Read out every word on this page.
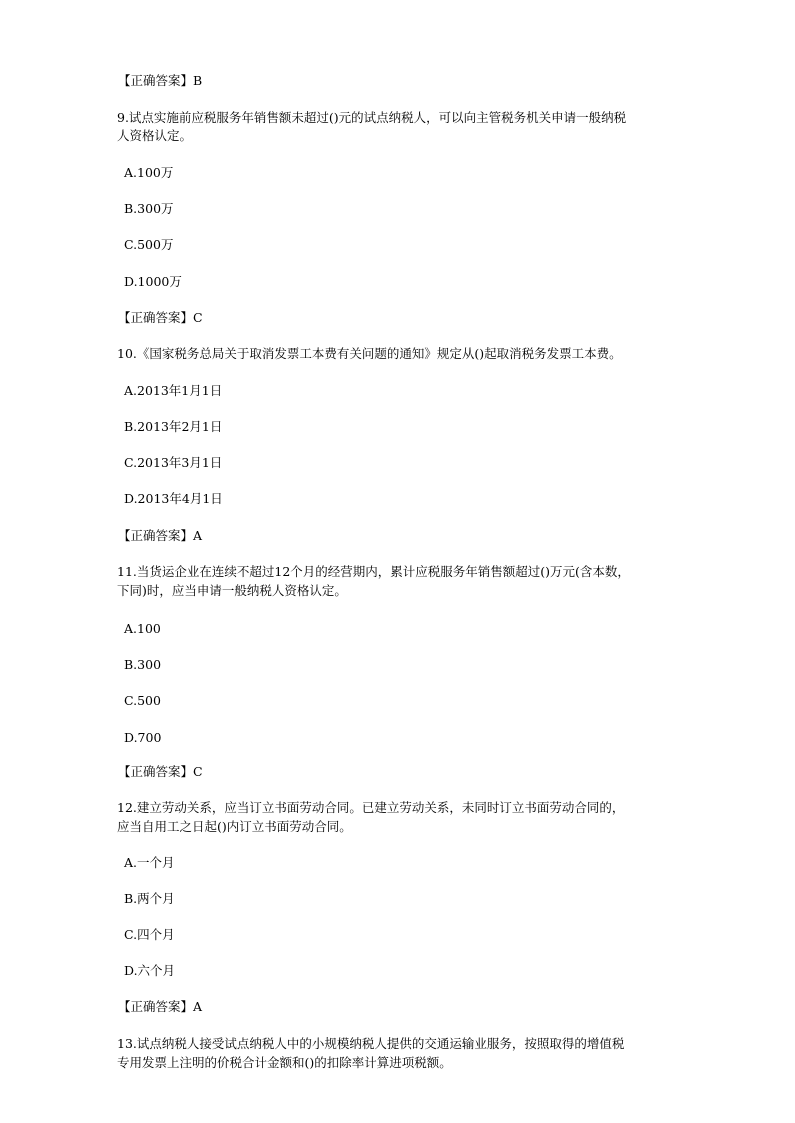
【正确答案】B
9.试点实施前应税服务年销售额未超过()元的试点纳税人，可以向主管税务机关申请一般纳税
人资格认定。
A.100万
B.300万
C.500万
D.1000万
【正确答案】C
10.《国家税务总局关于取消发票工本费有关问题的通知》规定从()起取消税务发票工本费。
A.2013年1月1日
B.2013年2月1日
C.2013年3月1日
D.2013年4月1日
【正确答案】A
11.当货运企业在连续不超过12个月的经营期内，累计应税服务年销售额超过()万元(含本数，
下同)时，应当申请一般纳税人资格认定。
A.100
B.300
C.500
D.700
【正确答案】C
12.建立劳动关系，应当订立书面劳动合同。已建立劳动关系，未同时订立书面劳动合同的，
应当自用工之日起()内订立书面劳动合同。
A.一个月
B.两个月
C.四个月
D.六个月
【正确答案】A
13.试点纳税人接受试点纳税人中的小规模纳税人提供的交通运输业服务，按照取得的增值税
专用发票上注明的价税合计金额和()的扣除率计算进项税额。
